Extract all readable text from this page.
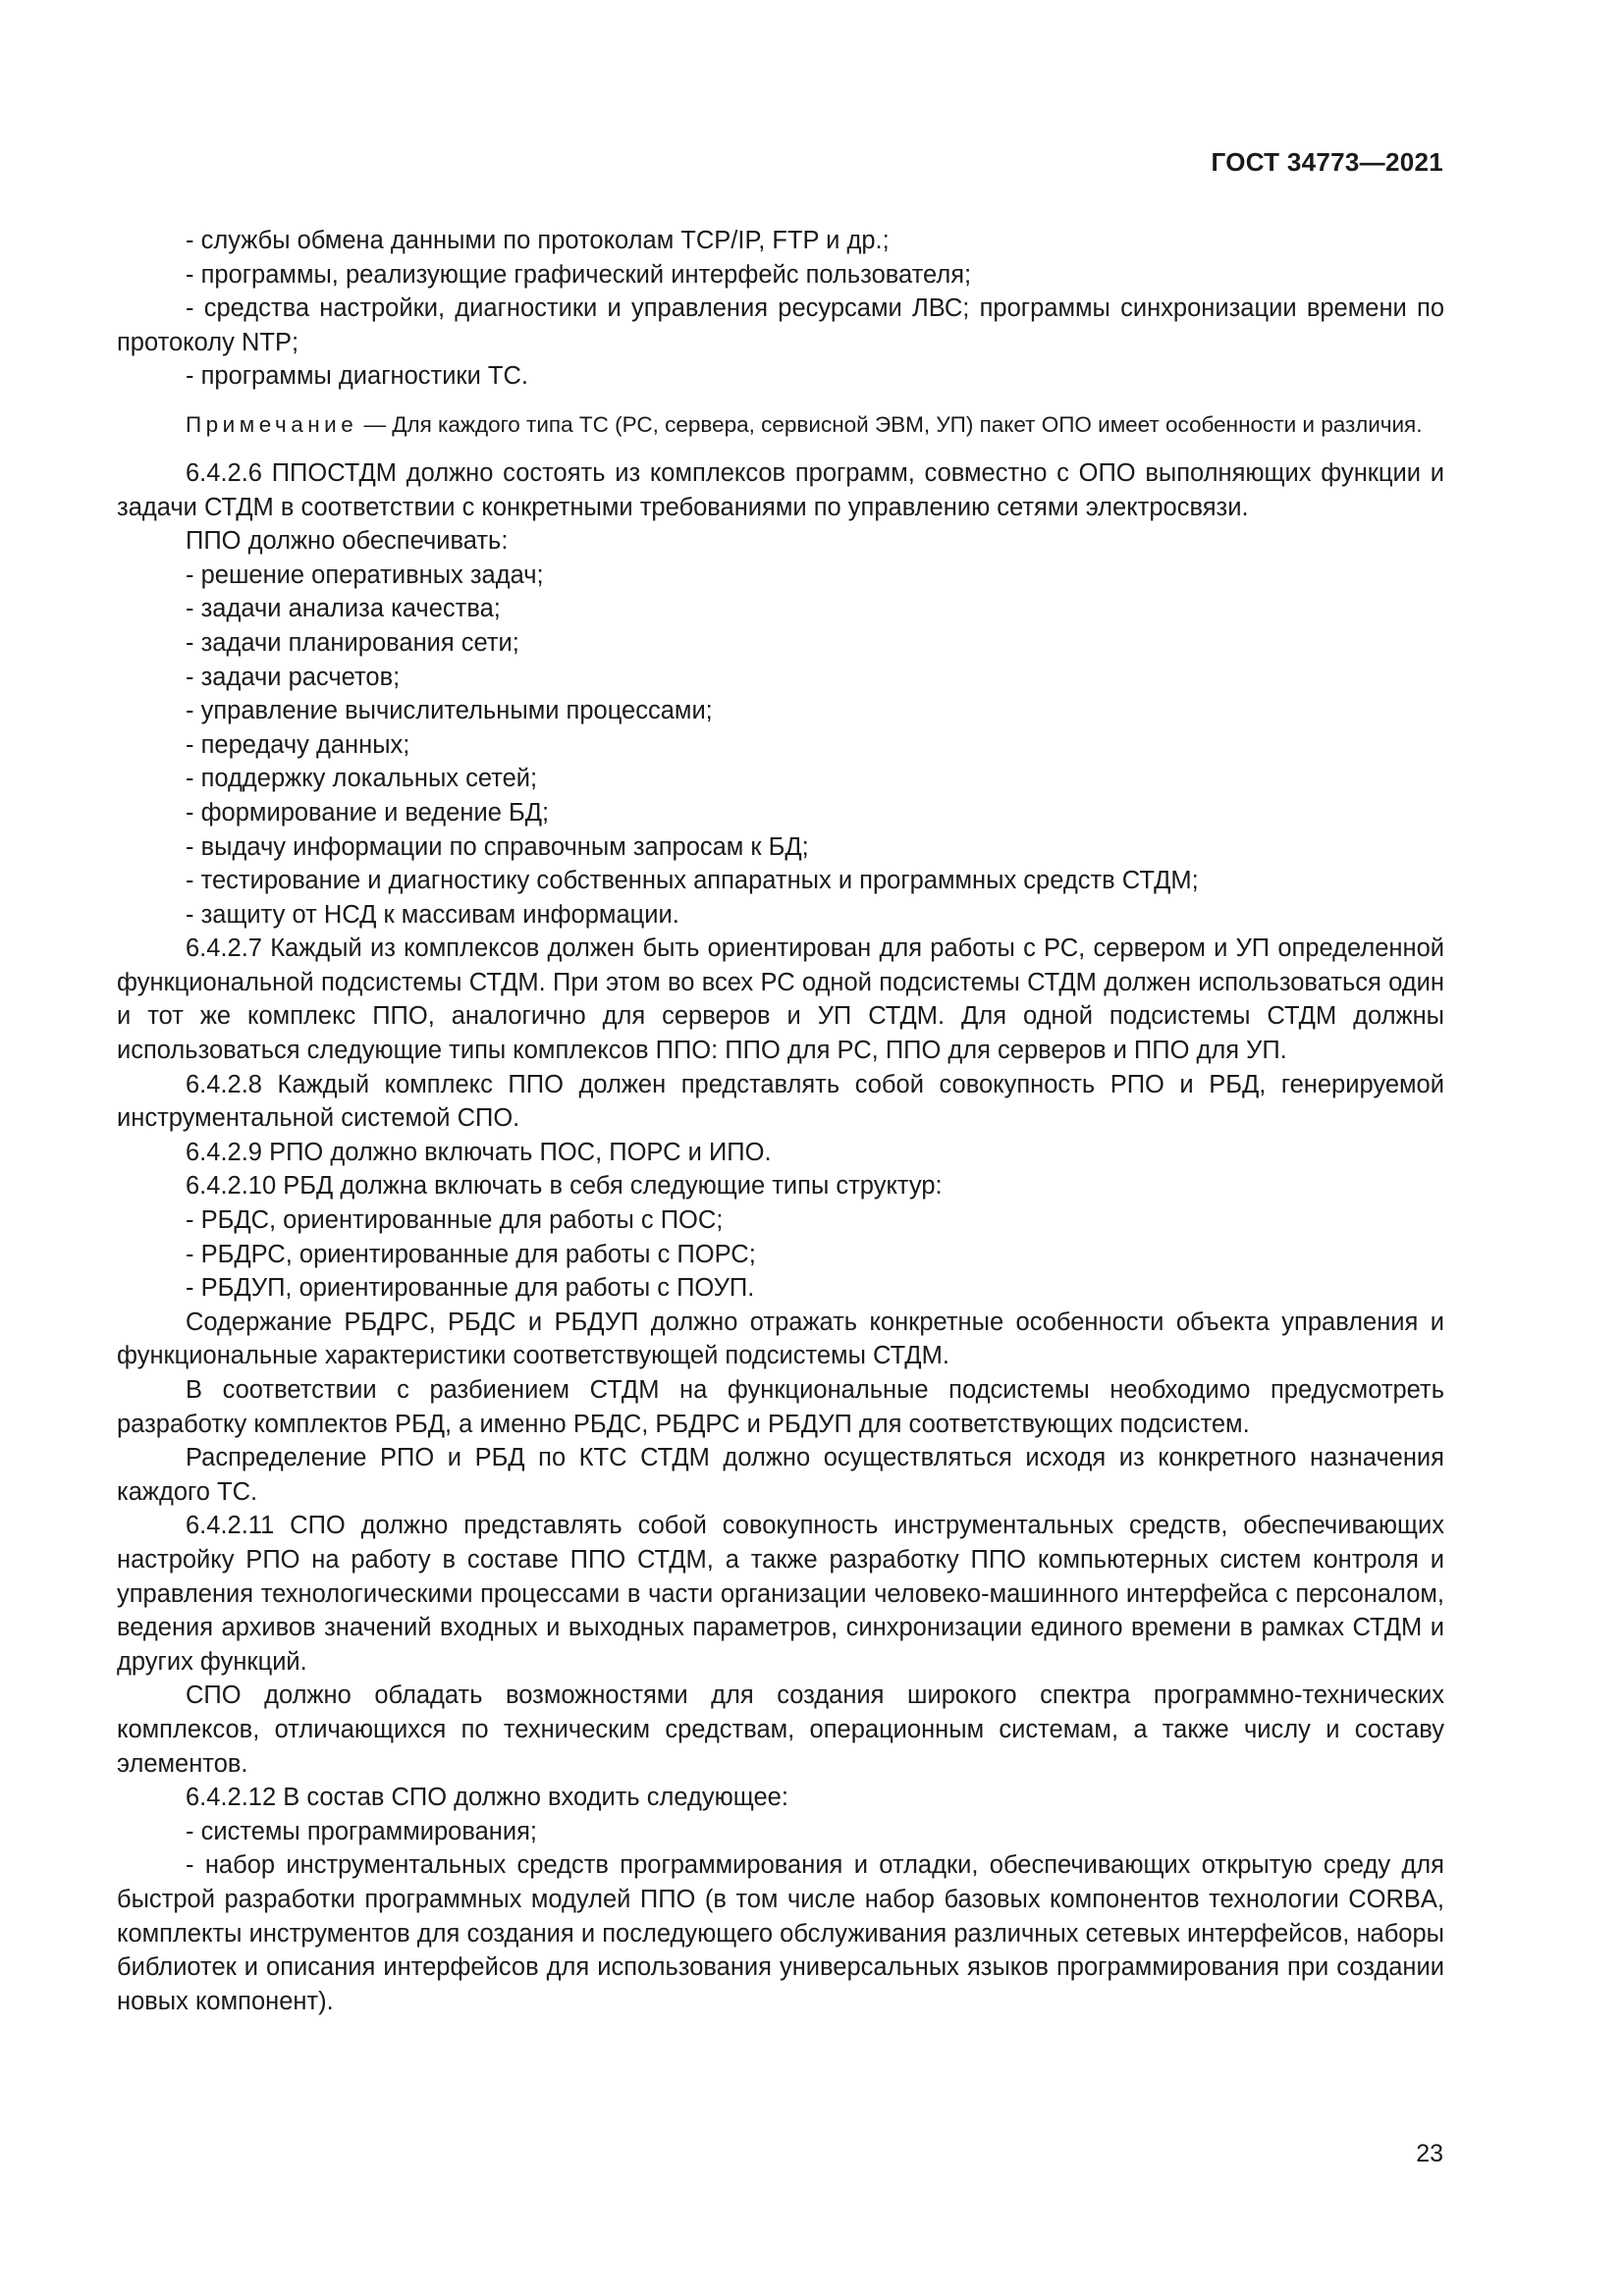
ГОСТ 34773—2021

- службы обмена данными по протоколам TCP/IP, FTP и др.;

- программы, реализующие графический интерфейс пользователя;

- средства настройки, диагностики и управления ресурсами ЛВС; программы синхронизации времени по протоколу NTP;

- программы диагностики ТС.

Примечание — Для каждого типа ТС (РС, сервера, сервисной ЭВМ, УП) пакет ОПО имеет особенности и различия.

6.4.2.6 ППОСТДМ должно состоять из комплексов программ, совместно с ОПО выполняющих функции и задачи СТДМ в соответствии с конкретными требованиями по управлению сетями электросвязи.

ППО должно обеспечивать:

- решение оперативных задач;

- задачи анализа качества;

- задачи планирования сети;

- задачи расчетов;

- управление вычислительными процессами;

- передачу данных;

- поддержку локальных сетей;

- формирование и ведение БД;

- выдачу информации по справочным запросам к БД;

- тестирование и диагностику собственных аппаратных и программных средств СТДМ;

- защиту от НСД к массивам информации.

6.4.2.7 Каждый из комплексов должен быть ориентирован для работы с РС, сервером и УП определенной функциональной подсистемы СТДМ. При этом во всех РС одной подсистемы СТДМ должен использоваться один и тот же комплекс ППО, аналогично для серверов и УП СТДМ. Для одной подсистемы СТДМ должны использоваться следующие типы комплексов ППО: ППО для РС, ППО для серверов и ППО для УП.

6.4.2.8 Каждый комплекс ППО должен представлять собой совокупность РПО и РБД, генерируемой инструментальной системой СПО.

6.4.2.9 РПО должно включать ПОС, ПОРС и ИПО.

6.4.2.10 РБД должна включать в себя следующие типы структур:

- РБДС, ориентированные для работы с ПОС;

- РБДРС, ориентированные для работы с ПОРС;

- РБДУП, ориентированные для работы с ПОУП.

Содержание РБДРС, РБДС и РБДУП должно отражать конкретные особенности объекта управления и функциональные характеристики соответствующей подсистемы СТДМ.

В соответствии с разбиением СТДМ на функциональные подсистемы необходимо предусмотреть разработку комплектов РБД, а именно РБДС, РБДРС и РБДУП для соответствующих подсистем.

Распределение РПО и РБД по КТС СТДМ должно осуществляться исходя из конкретного назначения каждого ТС.

6.4.2.11 СПО должно представлять собой совокупность инструментальных средств, обеспечивающих настройку РПО на работу в составе ППО СТДМ, а также разработку ППО компьютерных систем контроля и управления технологическими процессами в части организации человеко-машинного интерфейса с персоналом, ведения архивов значений входных и выходных параметров, синхронизации единого времени в рамках СТДМ и других функций.

СПО должно обладать возможностями для создания широкого спектра программно-технических комплексов, отличающихся по техническим средствам, операционным системам, а также числу и составу элементов.

6.4.2.12 В состав СПО должно входить следующее:

- системы программирования;

- набор инструментальных средств программирования и отладки, обеспечивающих открытую среду для быстрой разработки программных модулей ППО (в том числе набор базовых компонентов технологии CORBA, комплекты инструментов для создания и последующего обслуживания различных сетевых интерфейсов, наборы библиотек и описания интерфейсов для использования универсальных языков программирования при создании новых компонент).

23
